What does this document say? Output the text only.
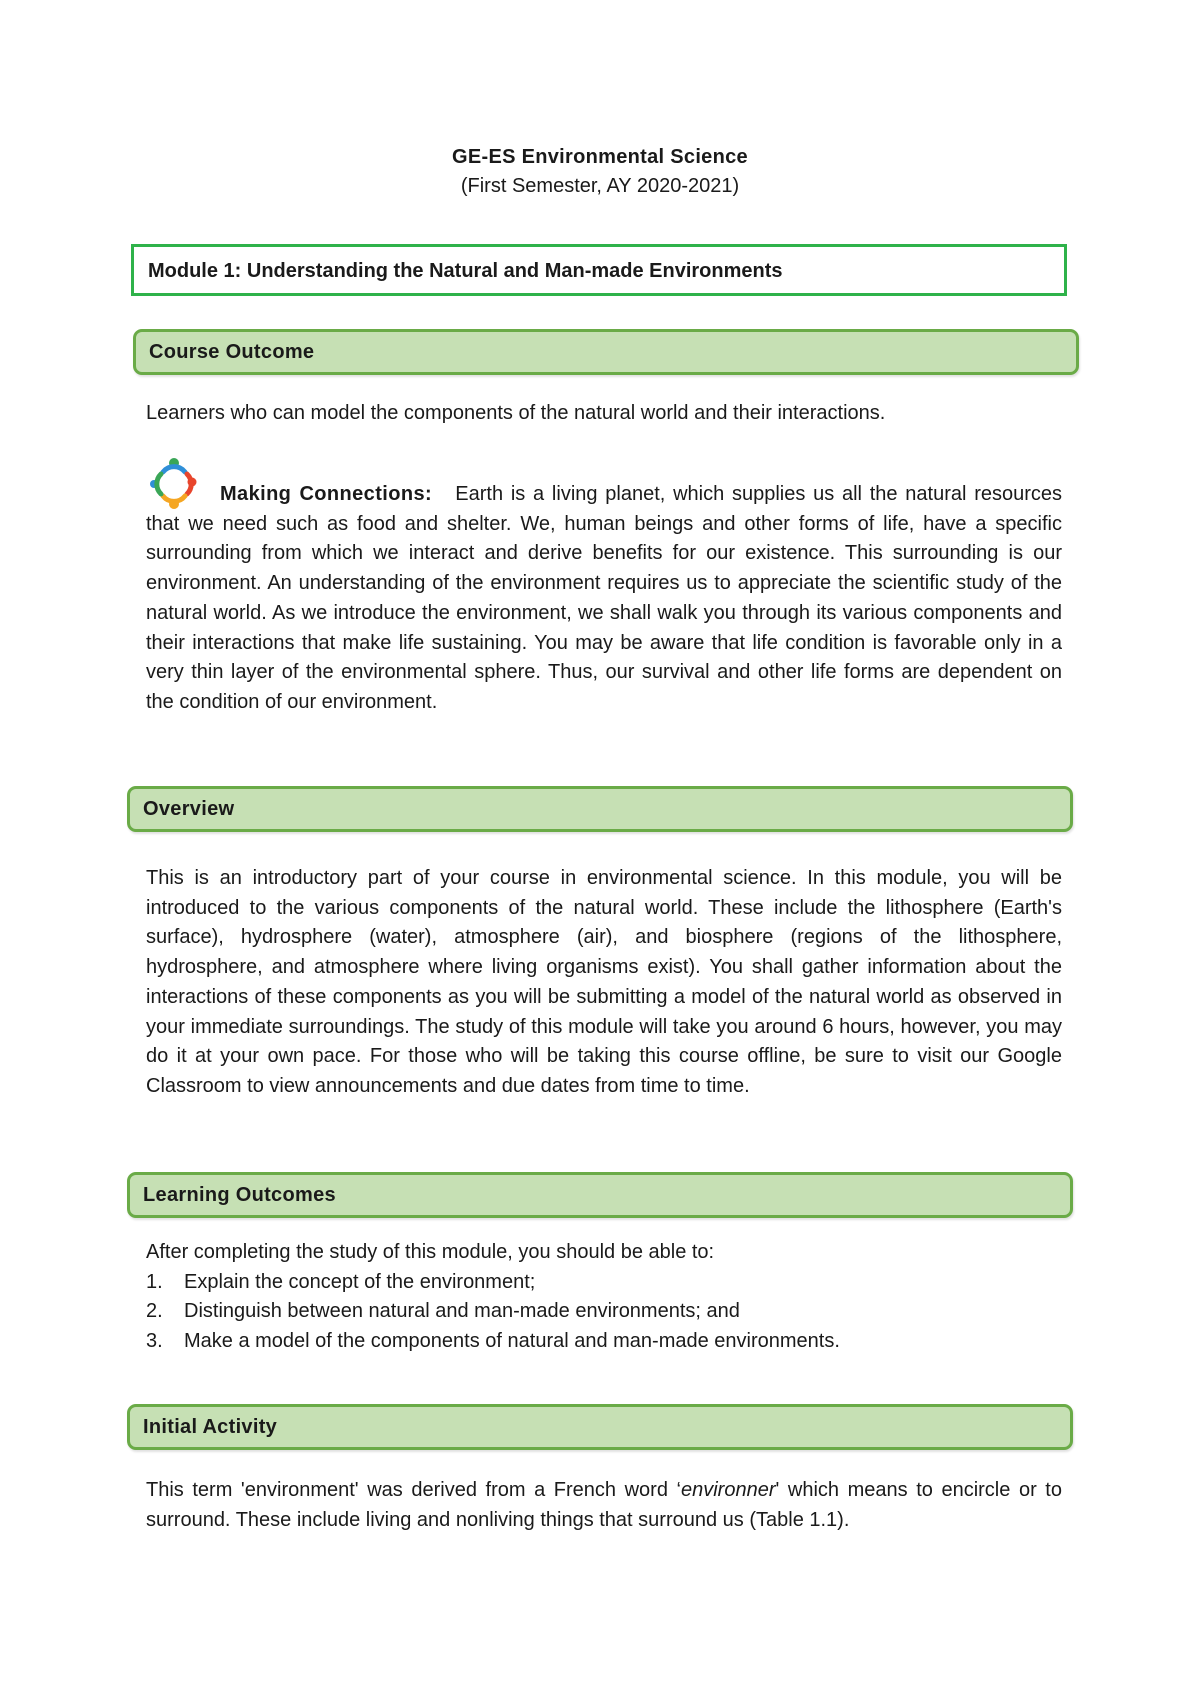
GE-ES Environmental Science
(First Semester, AY 2020-2021)
Module 1: Understanding the Natural and Man-made Environments
Course Outcome
Learners who can model the components of the natural world and their interactions.
Making Connections: Earth is a living planet, which supplies us all the natural resources that we need such as food and shelter. We, human beings and other forms of life, have a specific surrounding from which we interact and derive benefits for our existence. This surrounding is our environment. An understanding of the environment requires us to appreciate the scientific study of the natural world. As we introduce the environment, we shall walk you through its various components and their interactions that make life sustaining. You may be aware that life condition is favorable only in a very thin layer of the environmental sphere. Thus, our survival and other life forms are dependent on the condition of our environment.
Overview
This is an introductory part of your course in environmental science. In this module, you will be introduced to the various components of the natural world. These include the lithosphere (Earth's surface), hydrosphere (water), atmosphere (air), and biosphere (regions of the lithosphere, hydrosphere, and atmosphere where living organisms exist). You shall gather information about the interactions of these components as you will be submitting a model of the natural world as observed in your immediate surroundings. The study of this module will take you around 6 hours, however, you may do it at your own pace. For those who will be taking this course offline, be sure to visit our Google Classroom to view announcements and due dates from time to time.
Learning Outcomes
After completing the study of this module, you should be able to:
1.	Explain the concept of the environment;
2.	Distinguish between natural and man-made environments; and
3.	Make a model of the components of natural and man-made environments.
Initial Activity
This term 'environment' was derived from a French word ‘environner' which means to encircle or to surround. These include living and nonliving things that surround us (Table 1.1).
